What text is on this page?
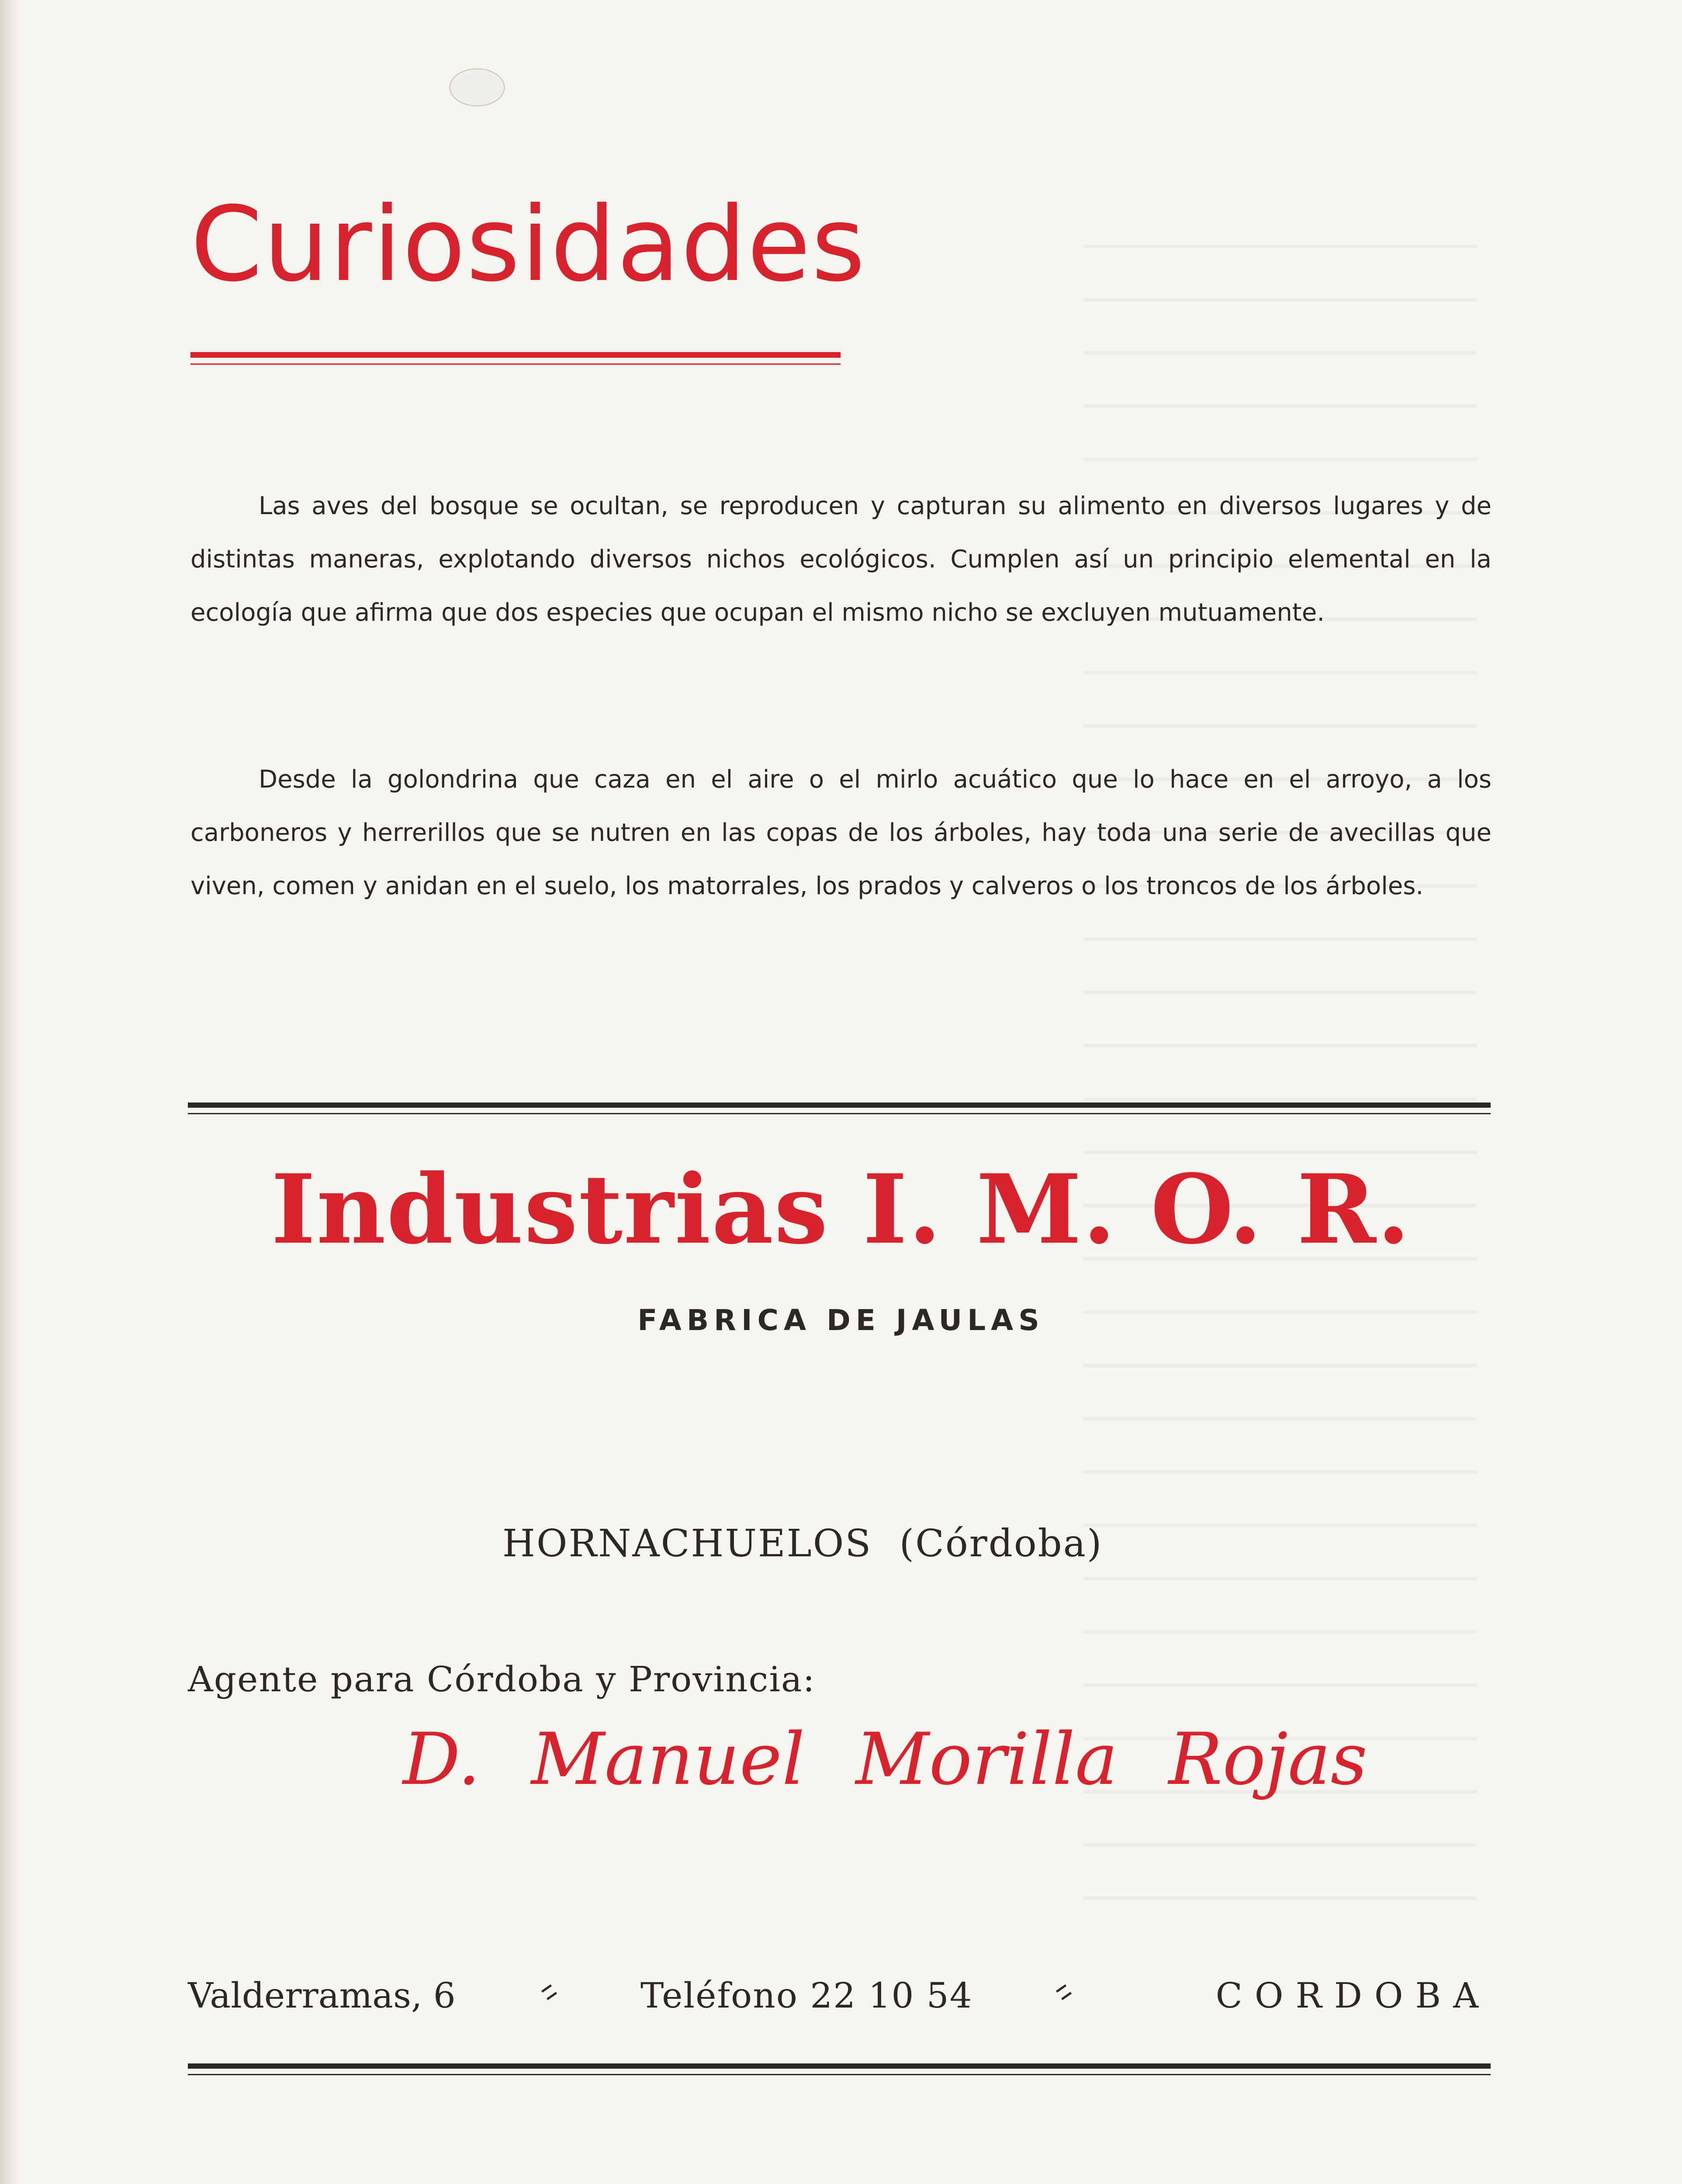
Curiosidades

Las aves del bosque se ocultan, se reproducen y capturan su alimento en diversos lugares y de distintas maneras, explotando diversos nichos ecológicos. Cumplen así un principio elemental en la ecología que afirma que dos especies que ocupan el mismo nicho se excluyen mutuamente.

Desde la golondrina que caza en el aire o el mirlo acuático que lo hace en el arroyo, a los carboneros y herrerillos que se nutren en las copas de los árboles, hay toda una serie de avecillas que viven, comen y anidan en el suelo, los matorrales, los prados y calveros o los troncos de los árboles.

Industrias I. M. O. R.

FABRICA DE JAULAS

HORNACHUELOS (Córdoba)

Agente para Córdoba y Provincia:

D. Manuel Morilla Rojas

Valderramas, 6	Teléfono 22 10 54	CORDOBA
